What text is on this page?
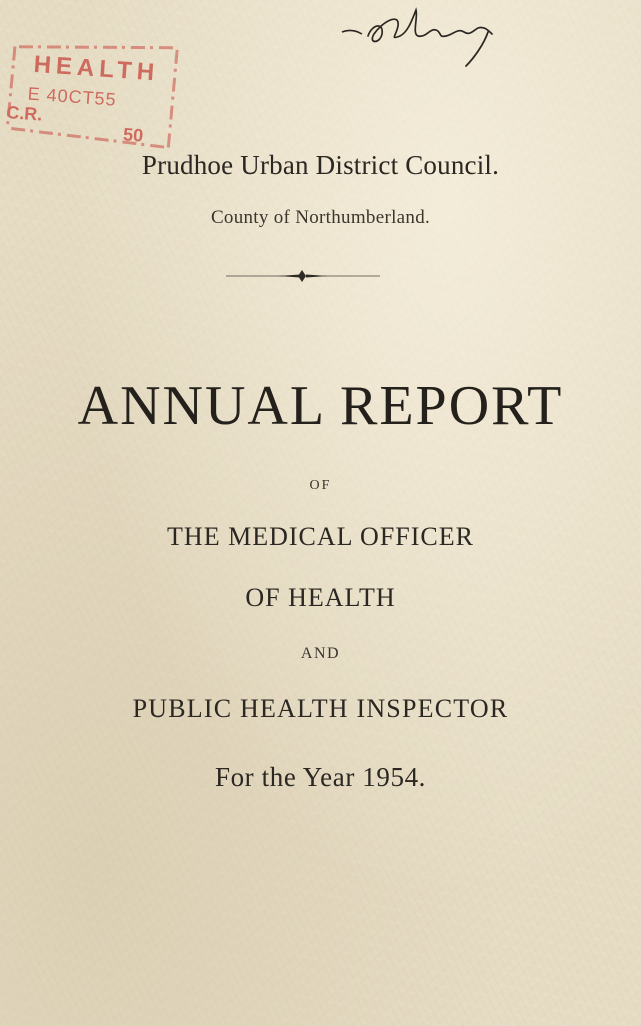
HEALTH
E 40CT55
C.R.
50
Prudhoe Urban District Council.
County of Northumberland.
ANNUAL REPORT
OF
THE MEDICAL OFFICER
OF HEALTH
AND
PUBLIC HEALTH INSPECTOR
For the Year 1954.
